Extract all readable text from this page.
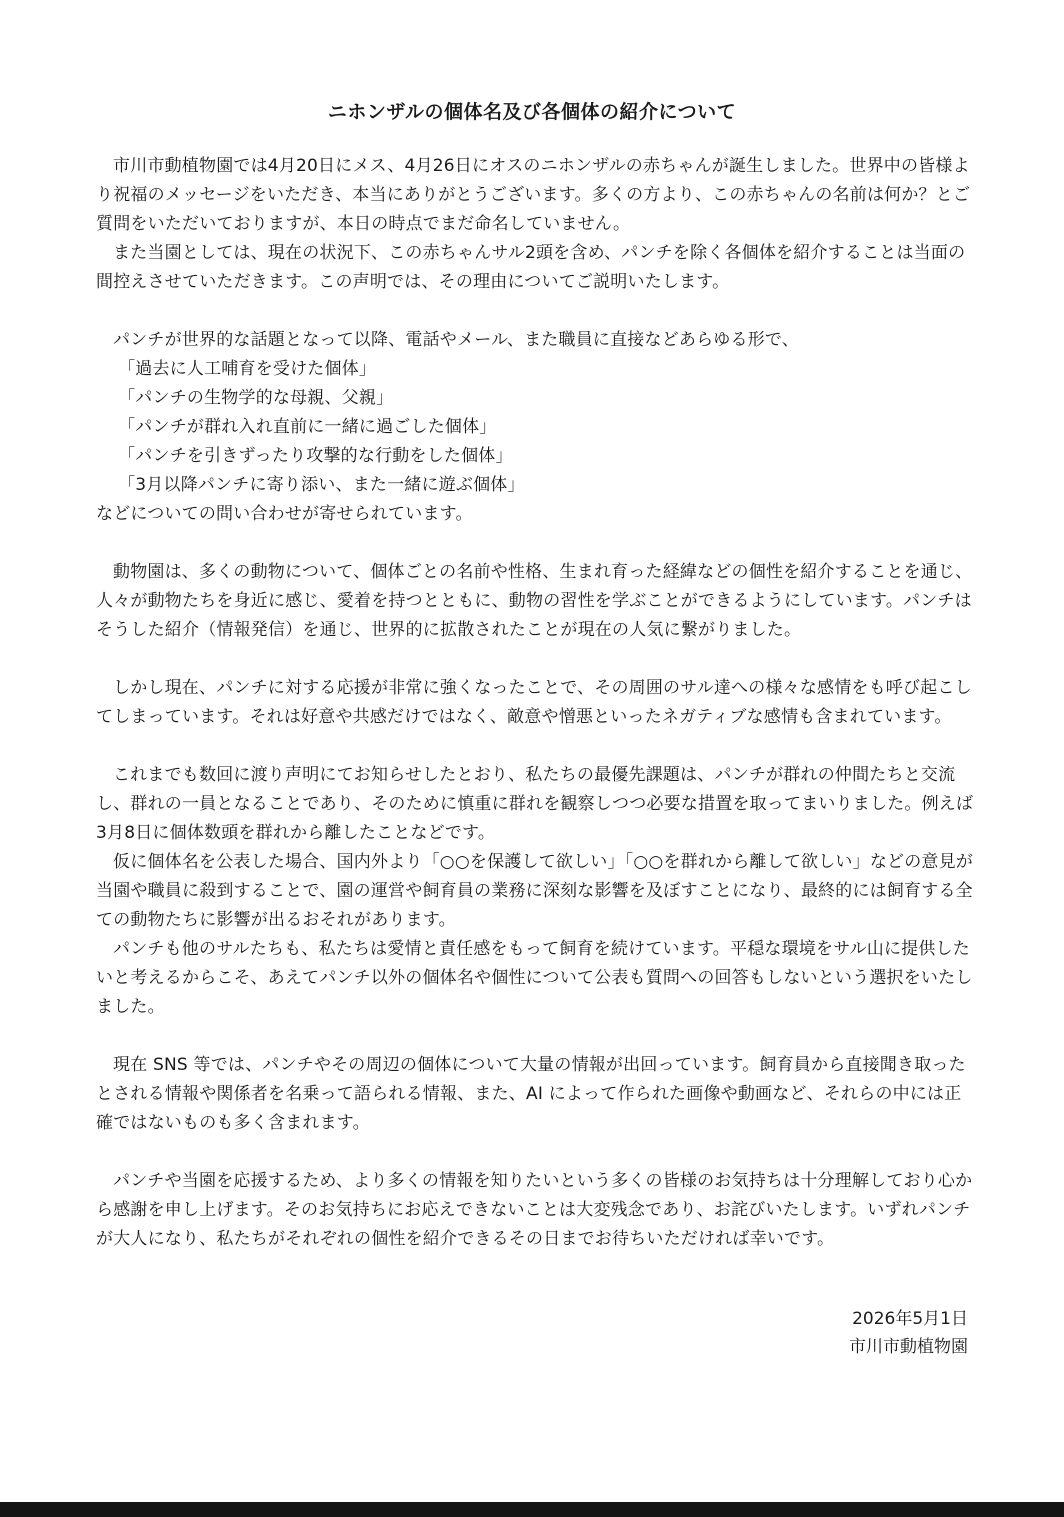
ニホンザルの個体名及び各個体の紹介について

市川市動植物園では4月20日にメス、4月26日にオスのニホンザルの赤ちゃんが誕生しました。世界中の皆様より祝福のメッセージをいただき、本当にありがとうございます。多くの方より、この赤ちゃんの名前は何か？とご質問をいただいておりますが、本日の時点でまだ命名していません。

また当園としては、現在の状況下、この赤ちゃんサル2頭を含め、パンチを除く各個体を紹介することは当面の間控えさせていただきます。この声明では、その理由についてご説明いたします。

パンチが世界的な話題となって以降、電話やメール、また職員に直接などあらゆる形で、

「過去に人工哺育を受けた個体」

「パンチの生物学的な母親、父親」

「パンチが群れ入れ直前に一緒に過ごした個体」

「パンチを引きずったり攻撃的な行動をした個体」

「3月以降パンチに寄り添い、また一緒に遊ぶ個体」

などについての問い合わせが寄せられています。

動物園は、多くの動物について、個体ごとの名前や性格、生まれ育った経緯などの個性を紹介することを通じ、人々が動物たちを身近に感じ、愛着を持つとともに、動物の習性を学ぶことができるようにしています。パンチはそうした紹介（情報発信）を通じ、世界的に拡散されたことが現在の人気に繋がりました。

しかし現在、パンチに対する応援が非常に強くなったことで、その周囲のサル達への様々な感情をも呼び起こしてしまっています。それは好意や共感だけではなく、敵意や憎悪といったネガティブな感情も含まれています。

これまでも数回に渡り声明にてお知らせしたとおり、私たちの最優先課題は、パンチが群れの仲間たちと交流し、群れの一員となることであり、そのために慎重に群れを観察しつつ必要な措置を取ってまいりました。例えば3月8日に個体数頭を群れから離したことなどです。

仮に個体名を公表した場合、国内外より「○○を保護して欲しい」「○○を群れから離して欲しい」などの意見が当園や職員に殺到することで、園の運営や飼育員の業務に深刻な影響を及ぼすことになり、最終的には飼育する全ての動物たちに影響が出るおそれがあります。

パンチも他のサルたちも、私たちは愛情と責任感をもって飼育を続けています。平穏な環境をサル山に提供したいと考えるからこそ、あえてパンチ以外の個体名や個性について公表も質問への回答もしないという選択をいたしました。

現在 SNS 等では、パンチやその周辺の個体について大量の情報が出回っています。飼育員から直接聞き取ったとされる情報や関係者を名乗って語られる情報、また、AI によって作られた画像や動画など、それらの中には正確ではないものも多く含まれます。

パンチや当園を応援するため、より多くの情報を知りたいという多くの皆様のお気持ちは十分理解しており心から感謝を申し上げます。そのお気持ちにお応えできないことは大変残念であり、お詫びいたします。いずれパンチが大人になり、私たちがそれぞれの個性を紹介できるその日までお待ちいただければ幸いです。

2026年5月1日
市川市動植物園
